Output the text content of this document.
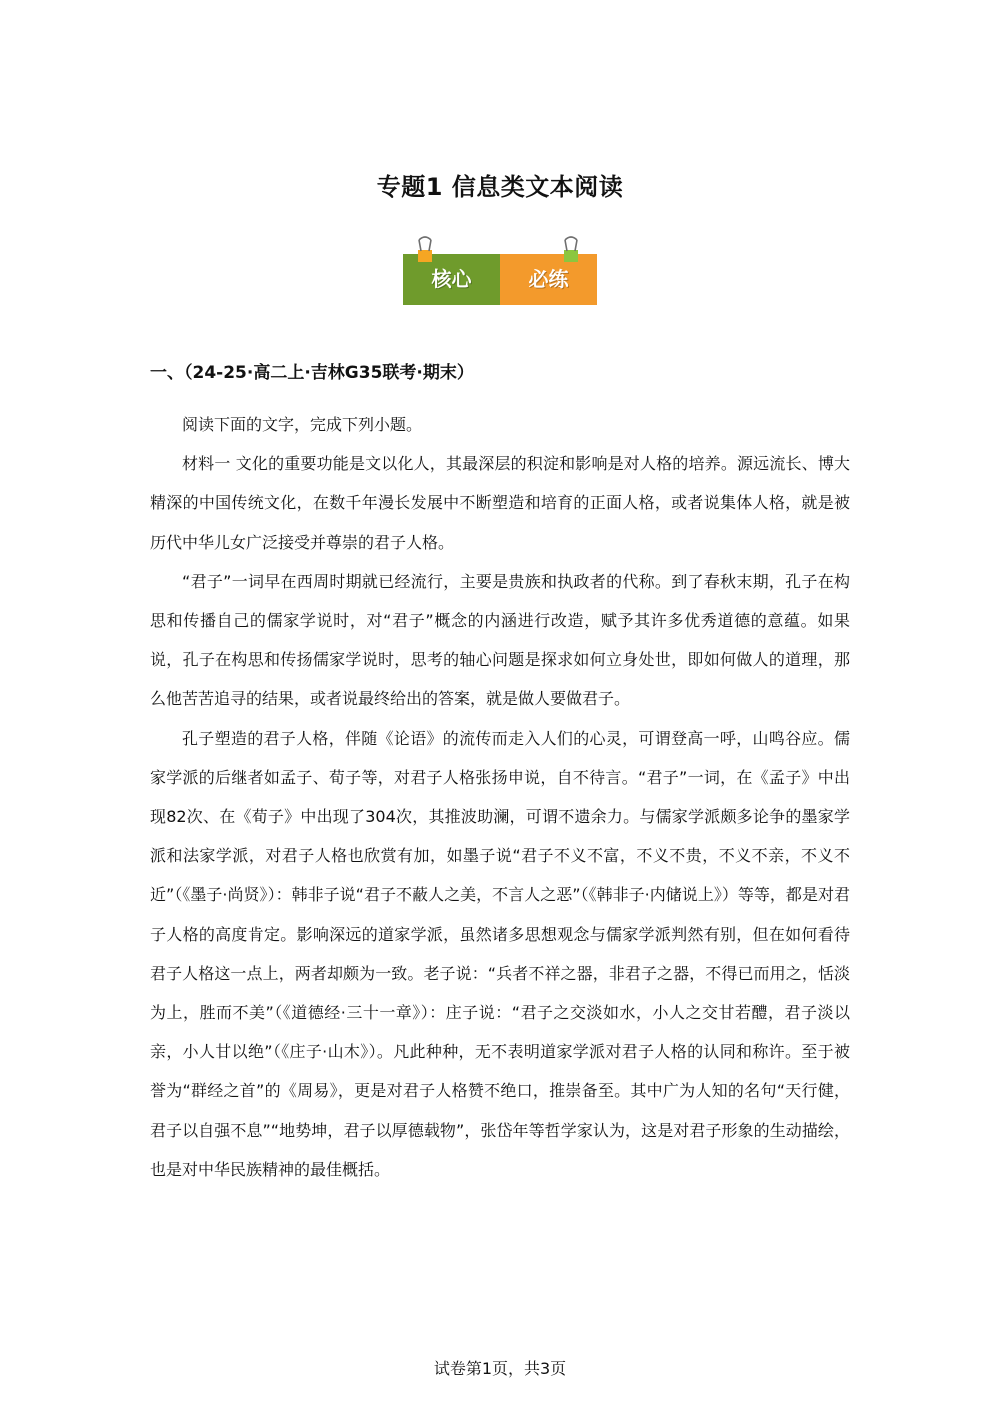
专题1 信息类文本阅读
核心	必练
一、（24-25·高二上·吉林G35联考·期末）

阅读下面的文字，完成下列小题。

材料一 文化的重要功能是文以化人，其最深层的积淀和影响是对人格的培养。源远流长、博大精深的中国传统文化，在数千年漫长发展中不断塑造和培育的正面人格，或者说集体人格，就是被历代中华儿女广泛接受并尊崇的君子人格。

“君子”一词早在西周时期就已经流行，主要是贵族和执政者的代称。到了春秋末期，孔子在构思和传播自己的儒家学说时，对“君子”概念的内涵进行改造，赋予其许多优秀道德的意蕴。如果说，孔子在构思和传扬儒家学说时，思考的轴心问题是探求如何立身处世，即如何做人的道理，那么他苦苦追寻的结果，或者说最终给出的答案，就是做人要做君子。

孔子塑造的君子人格，伴随《论语》的流传而走入人们的心灵，可谓登高一呼，山鸣谷应。儒家学派的后继者如孟子、荀子等，对君子人格张扬申说，自不待言。“君子”一词，在《孟子》中出现82次、在《荀子》中出现了304次，其推波助澜，可谓不遗余力。与儒家学派颇多论争的墨家学派和法家学派，对君子人格也欣赏有加，如墨子说“君子不义不富，不义不贵，不义不亲，不义不近”（《墨子·尚贤》）：韩非子说“君子不蔽人之美，不言人之恶”（《韩非子·内储说上》）等等，都是对君子人格的高度肯定。影响深远的道家学派，虽然诸多思想观念与儒家学派判然有别，但在如何看待君子人格这一点上，两者却颇为一致。老子说：“兵者不祥之器，非君子之器，不得已而用之，恬淡为上，胜而不美”（《道德经·三十一章》）：庄子说：“君子之交淡如水，小人之交甘若醴，君子淡以亲，小人甘以绝”（《庄子·山木》）。凡此种种，无不表明道家学派对君子人格的认同和称许。至于被誉为“群经之首”的《周易》，更是对君子人格赞不绝口，推崇备至。其中广为人知的名句“天行健，君子以自强不息”“地势坤，君子以厚德载物”，张岱年等哲学家认为，这是对君子形象的生动描绘，也是对中华民族精神的最佳概括。

试卷第1页，共3页
